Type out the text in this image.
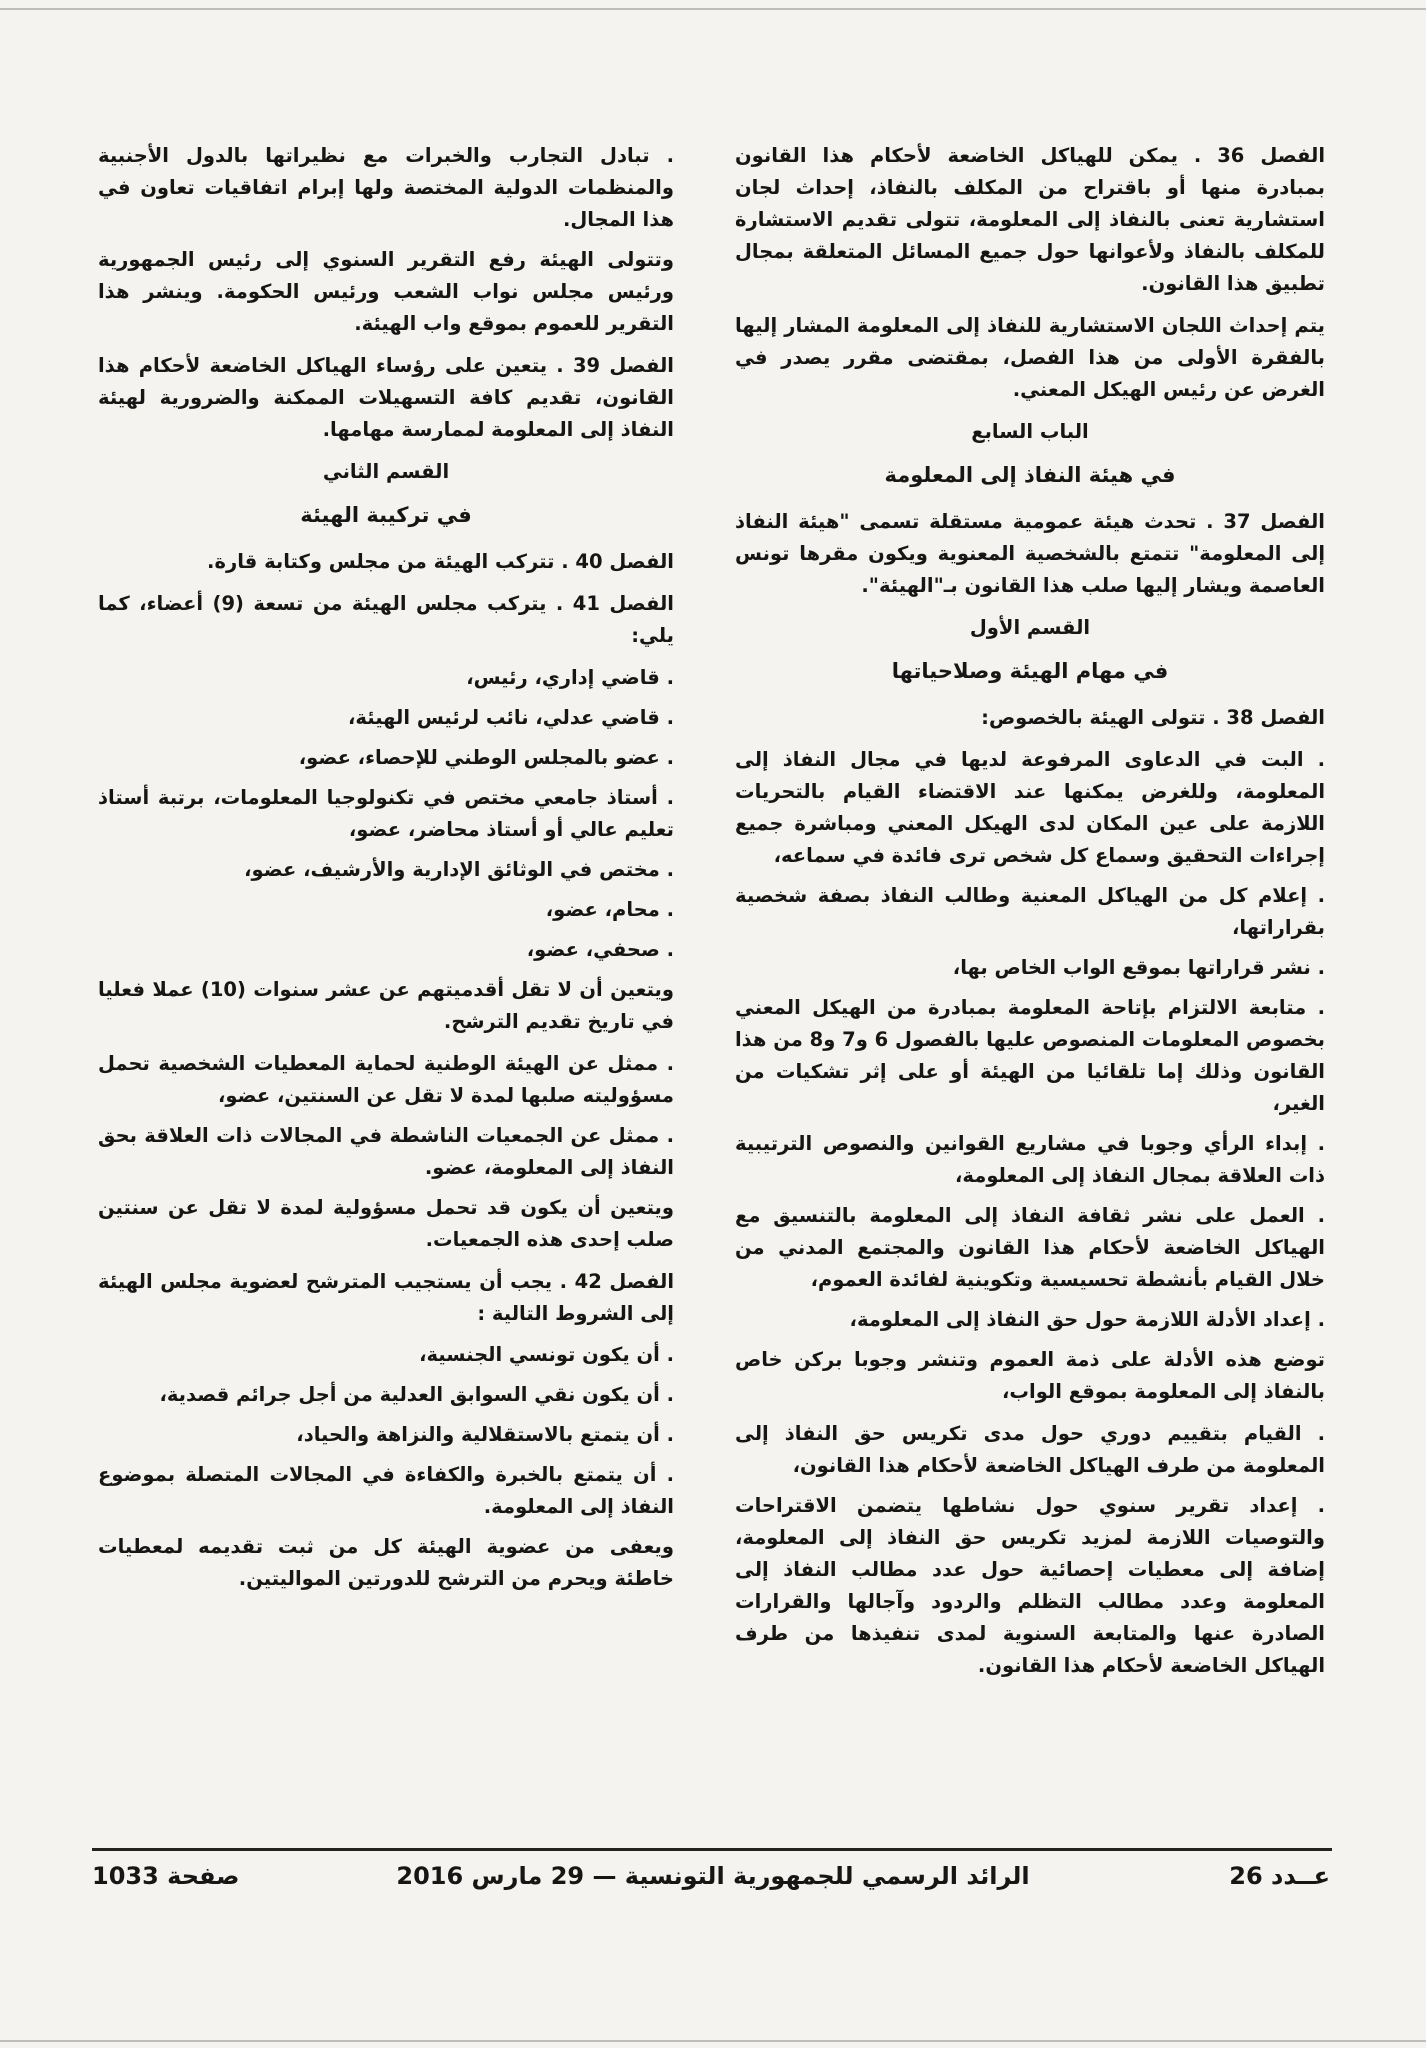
الفصل 36 . يمكن للهياكل الخاضعة لأحكام هذا القانون بمبادرة منها أو باقتراح من المكلف بالنفاذ، إحداث لجان استشارية تعنى بالنفاذ إلى المعلومة، تتولى تقديم الاستشارة للمكلف بالنفاذ ولأعوانها حول جميع المسائل المتعلقة بمجال تطبيق هذا القانون.

يتم إحداث اللجان الاستشارية للنفاذ إلى المعلومة المشار إليها بالفقرة الأولى من هذا الفصل، بمقتضى مقرر يصدر في الغرض عن رئيس الهيكل المعني.

الباب السابع

في هيئة النفاذ إلى المعلومة

الفصل 37 . تحدث هيئة عمومية مستقلة تسمى "هيئة النفاذ إلى المعلومة" تتمتع بالشخصية المعنوية ويكون مقرها تونس العاصمة ويشار إليها صلب هذا القانون بـ"الهيئة".

القسم الأول

في مهام الهيئة وصلاحياتها

الفصل 38 . تتولى الهيئة بالخصوص:

. البت في الدعاوى المرفوعة لديها في مجال النفاذ إلى المعلومة، وللغرض يمكنها عند الاقتضاء القيام بالتحريات اللازمة على عين المكان لدى الهيكل المعني ومباشرة جميع إجراءات التحقيق وسماع كل شخص ترى فائدة في سماعه،

. إعلام كل من الهياكل المعنية وطالب النفاذ بصفة شخصية بقراراتها،

. نشر قراراتها بموقع الواب الخاص بها،

. متابعة الالتزام بإتاحة المعلومة بمبادرة من الهيكل المعني بخصوص المعلومات المنصوص عليها بالفصول 6 و7 و8 من هذا القانون وذلك إما تلقائيا من الهيئة أو على إثر تشكيات من الغير،

. إبداء الرأي وجوبا في مشاريع القوانين والنصوص الترتيبية ذات العلاقة بمجال النفاذ إلى المعلومة،

. العمل على نشر ثقافة النفاذ إلى المعلومة بالتنسيق مع الهياكل الخاضعة لأحكام هذا القانون والمجتمع المدني من خلال القيام بأنشطة تحسيسية وتكوينية لفائدة العموم،

. إعداد الأدلة اللازمة حول حق النفاذ إلى المعلومة،

توضع هذه الأدلة على ذمة العموم وتنشر وجوبا بركن خاص بالنفاذ إلى المعلومة بموقع الواب،

. القيام بتقييم دوري حول مدى تكريس حق النفاذ إلى المعلومة من طرف الهياكل الخاضعة لأحكام هذا القانون،

. إعداد تقرير سنوي حول نشاطها يتضمن الاقتراحات والتوصيات اللازمة لمزيد تكريس حق النفاذ إلى المعلومة، إضافة إلى معطيات إحصائية حول عدد مطالب النفاذ إلى المعلومة وعدد مطالب التظلم والردود وآجالها والقرارات الصادرة عنها والمتابعة السنوية لمدى تنفيذها من طرف الهياكل الخاضعة لأحكام هذا القانون.

. تبادل التجارب والخبرات مع نظيراتها بالدول الأجنبية والمنظمات الدولية المختصة ولها إبرام اتفاقيات تعاون في هذا المجال.

وتتولى الهيئة رفع التقرير السنوي إلى رئيس الجمهورية ورئيس مجلس نواب الشعب ورئيس الحكومة. وينشر هذا التقرير للعموم بموقع واب الهيئة.

الفصل 39 . يتعين على رؤساء الهياكل الخاضعة لأحكام هذا القانون، تقديم كافة التسهيلات الممكنة والضرورية لهيئة النفاذ إلى المعلومة لممارسة مهامها.

القسم الثاني

في تركيبة الهيئة

الفصل 40 . تتركب الهيئة من مجلس وكتابة قارة.

الفصل 41 . يتركب مجلس الهيئة من تسعة (9) أعضاء، كما يلي:

. قاضي إداري، رئيس،

. قاضي عدلي، نائب لرئيس الهيئة،

. عضو بالمجلس الوطني للإحصاء، عضو،

. أستاذ جامعي مختص في تكنولوجيا المعلومات، برتبة أستاذ تعليم عالي أو أستاذ محاضر، عضو،

. مختص في الوثائق الإدارية والأرشيف، عضو،

. محام، عضو،

. صحفي، عضو،

ويتعين أن لا تقل أقدميتهم عن عشر سنوات (10) عملا فعليا في تاريخ تقديم الترشح.

. ممثل عن الهيئة الوطنية لحماية المعطيات الشخصية تحمل مسؤوليته صلبها لمدة لا تقل عن السنتين، عضو،

. ممثل عن الجمعيات الناشطة في المجالات ذات العلاقة بحق النفاذ إلى المعلومة، عضو.

ويتعين أن يكون قد تحمل مسؤولية لمدة لا تقل عن سنتين صلب إحدى هذه الجمعيات.

الفصل 42 . يجب أن يستجيب المترشح لعضوية مجلس الهيئة إلى الشروط التالية :

. أن يكون تونسي الجنسية،

. أن يكون نقي السوابق العدلية من أجل جرائم قصدية،

. أن يتمتع بالاستقلالية والنزاهة والحياد،

. أن يتمتع بالخبرة والكفاءة في المجالات المتصلة بموضوع النفاذ إلى المعلومة.

ويعفى من عضوية الهيئة كل من ثبت تقديمه لمعطيات خاطئة ويحرم من الترشح للدورتين المواليتين.

عــدد 26
الرائد الرسمي للجمهورية التونسية — 29 مارس 2016
صفحة 1033
